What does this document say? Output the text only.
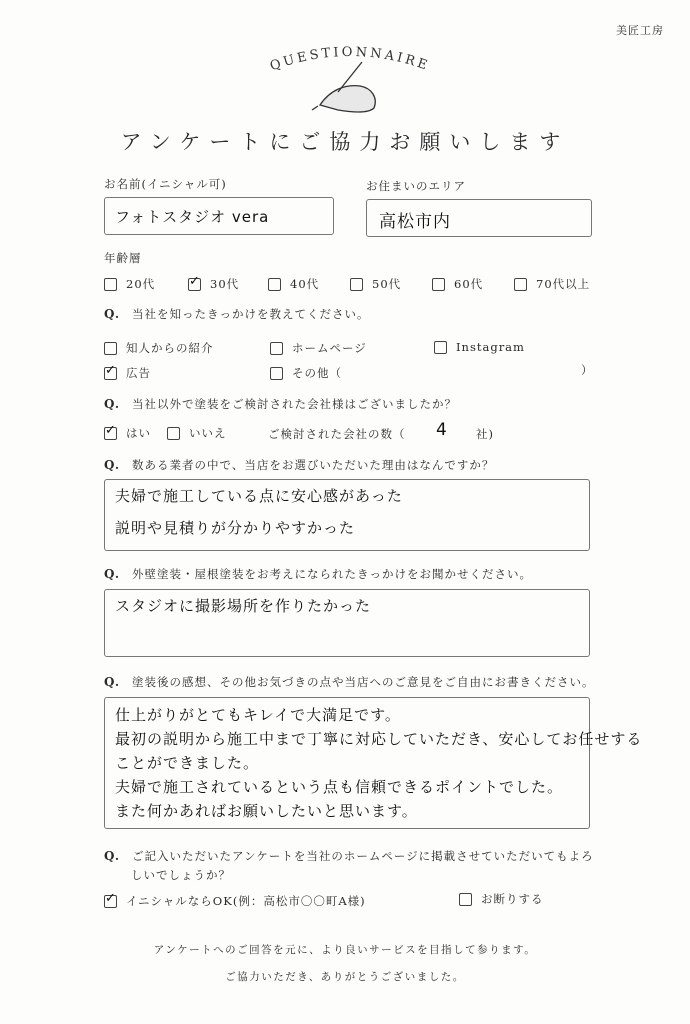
美匠工房
QUESTIONNAIRE
アンケートにご協力お願いします
お名前(イニシャル可)
フォトスタジオ vera
お住まいのエリア
高松市内
年齢層
20代
✓	30代	40代	50代	60代	70代以上
Q. 当社を知ったきっかけを教えてください。
知人からの紹介	ホームページ	Instagram
✓
広告	その他（	）
Q. 当社以外で塗装をご検討された会社様はございましたか？
✓
はい	いいえ	ご検討された会社の数（ 4 社)
Q. 数ある業者の中で、当店をお選びいただいた理由はなんですか？
夫婦で施工している点に安心感があった
説明や見積りが分かりやすかった
Q. 外壁塗装・屋根塗装をお考えになられたきっかけをお聞かせください。
スタジオに撮影場所を作りたかった
Q. 塗装後の感想、その他お気づきの点や当店へのご意見をご自由にお書きください。
仕上がりがとてもキレイで大満足です。
最初の説明から施工中まで丁寧に対応していただき、安心してお任せする
ことができました。
夫婦で施工されているという点も信頼できるポイントでした。
また何かあればお願いしたいと思います。
Q. ご記入いただいたアンケートを当社のホームページに掲載させていただいてもよろ
しいでしょうか？
✓
イニシャルならOK(例：高松市〇〇町A様)	お断りする
アンケートへのご回答を元に、より良いサービスを目指して参ります。
ご協力いただき、ありがとうございました。
